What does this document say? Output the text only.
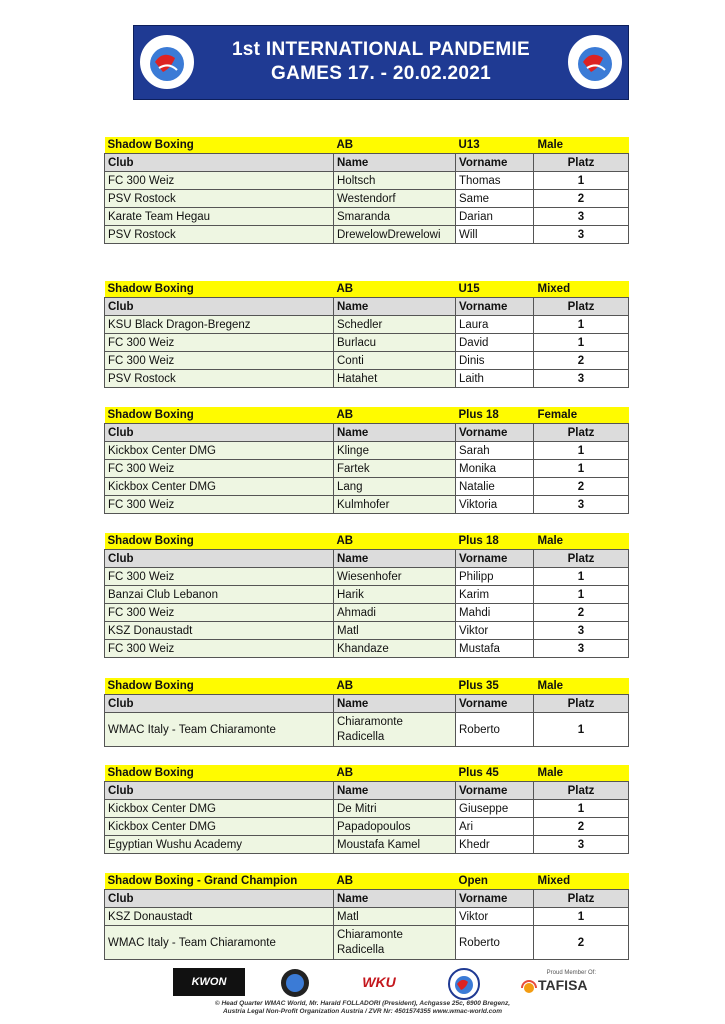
1st INTERNATIONAL PANDEMIE
GAMES 17. - 20.02.2021
Shadow Boxing	AB	U13	Male
Club	Name	Vorname	Platz
FC 300 Weiz	Holtsch	Thomas	1
PSV Rostock	Westendorf	Same	2
Karate Team Hegau	Smaranda	Darian	3
PSV Rostock	DrewelowDrewelowi	Will	3
Shadow Boxing	AB	U15	Mixed
Club	Name	Vorname	Platz
KSU Black Dragon-Bregenz	Schedler	Laura	1
FC 300 Weiz	Burlacu	David	1
FC 300 Weiz	Conti	Dinis	2
PSV Rostock	Hatahet	Laith	3
Shadow Boxing	AB	Plus 18	Female
Club	Name	Vorname	Platz
Kickbox Center DMG	Klinge	Sarah	1
FC 300 Weiz	Fartek	Monika	1
Kickbox Center DMG	Lang	Natalie	2
FC 300 Weiz	Kulmhofer	Viktoria	3
Shadow Boxing	AB	Plus 18	Male
Club	Name	Vorname	Platz
FC 300 Weiz	Wiesenhofer	Philipp	1
Banzai Club Lebanon	Harik	Karim	1
FC 300 Weiz	Ahmadi	Mahdi	2
KSZ Donaustadt	Matl	Viktor	3
FC 300 Weiz	Khandaze	Mustafa	3
Shadow Boxing	AB	Plus 35	Male
Club	Name	Vorname	Platz
WMAC Italy - Team Chiaramonte	Chiaramonte Radicella	Roberto	1
Shadow Boxing	AB	Plus 45	Male
Club	Name	Vorname	Platz
Kickbox Center DMG	De Mitri	Giuseppe	1
Kickbox Center DMG	Papadopoulos	Ari	2
Egyptian Wushu Academy	Moustafa Kamel	Khedr	3
Shadow Boxing - Grand Champion	AB	Open	Mixed
Club	Name	Vorname	Platz
KSZ Donaustadt	Matl	Viktor	1
WMAC Italy - Team Chiaramonte	Chiaramonte Radicella	Roberto	2
KWON	WKU
Proud Member Of:
TAFISA
© Head Quarter WMAC World, Mr. Harald FOLLADORI (President), Achgasse 25c, 6900 Bregenz,
Austria Legal Non-Profit Organization Austria / ZVR Nr: 4501574355 www.wmac-world.com
